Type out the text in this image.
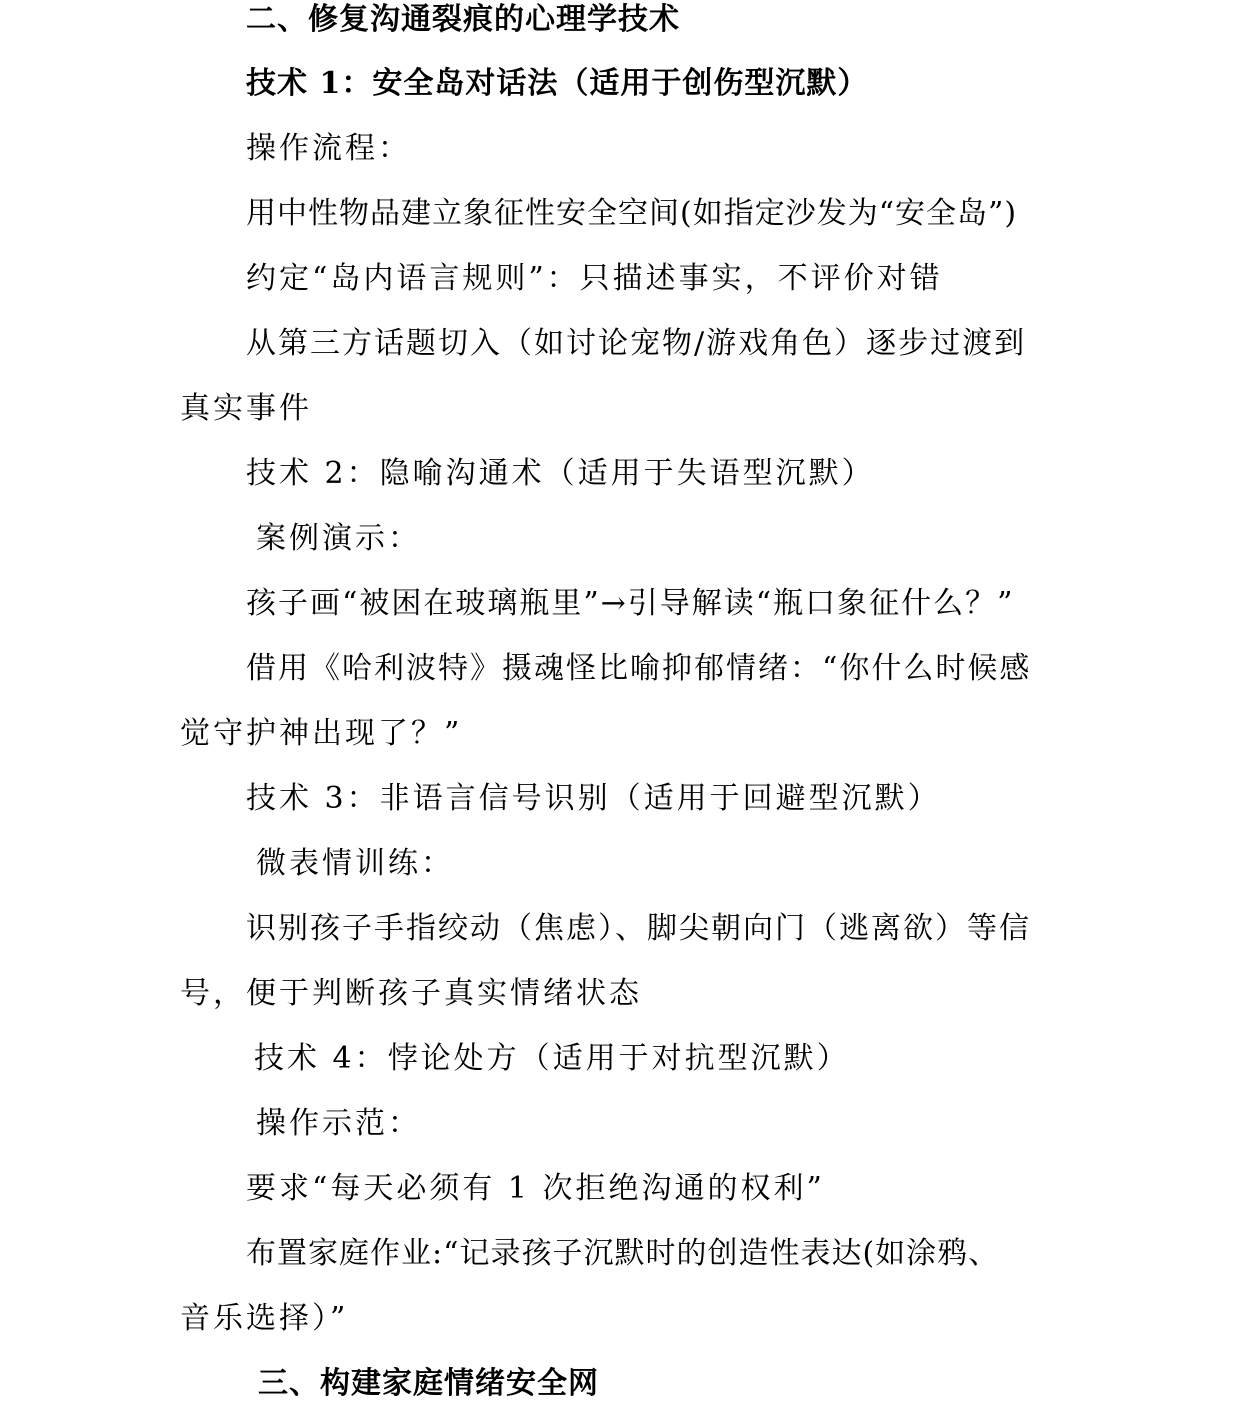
二、修复沟通裂痕的心理学技术
技术 1：安全岛对话法（适用于创伤型沉默）
操作流程：
用中性物品建立象征性安全空间(如指定沙发为“安全岛”)
约定“岛内语言规则”：只描述事实，不评价对错
从第三方话题切入（如讨论宠物/游戏角色）逐步过渡到
真实事件
技术 2：隐喻沟通术（适用于失语型沉默）
案例演示：
孩子画“被困在玻璃瓶里”→引导解读“瓶口象征什么？”
借用《哈利波特》摄魂怪比喻抑郁情绪：“你什么时候感
觉守护神出现了？”
技术 3：非语言信号识别（适用于回避型沉默）
微表情训练：
识别孩子手指绞动（焦虑）、脚尖朝向门（逃离欲）等信
号，便于判断孩子真实情绪状态
技术 4：悖论处方（适用于对抗型沉默）
操作示范：
要求“每天必须有 1 次拒绝沟通的权利”
布置家庭作业:“记录孩子沉默时的创造性表达(如涂鸦、
音乐选择）”
三、构建家庭情绪安全网
